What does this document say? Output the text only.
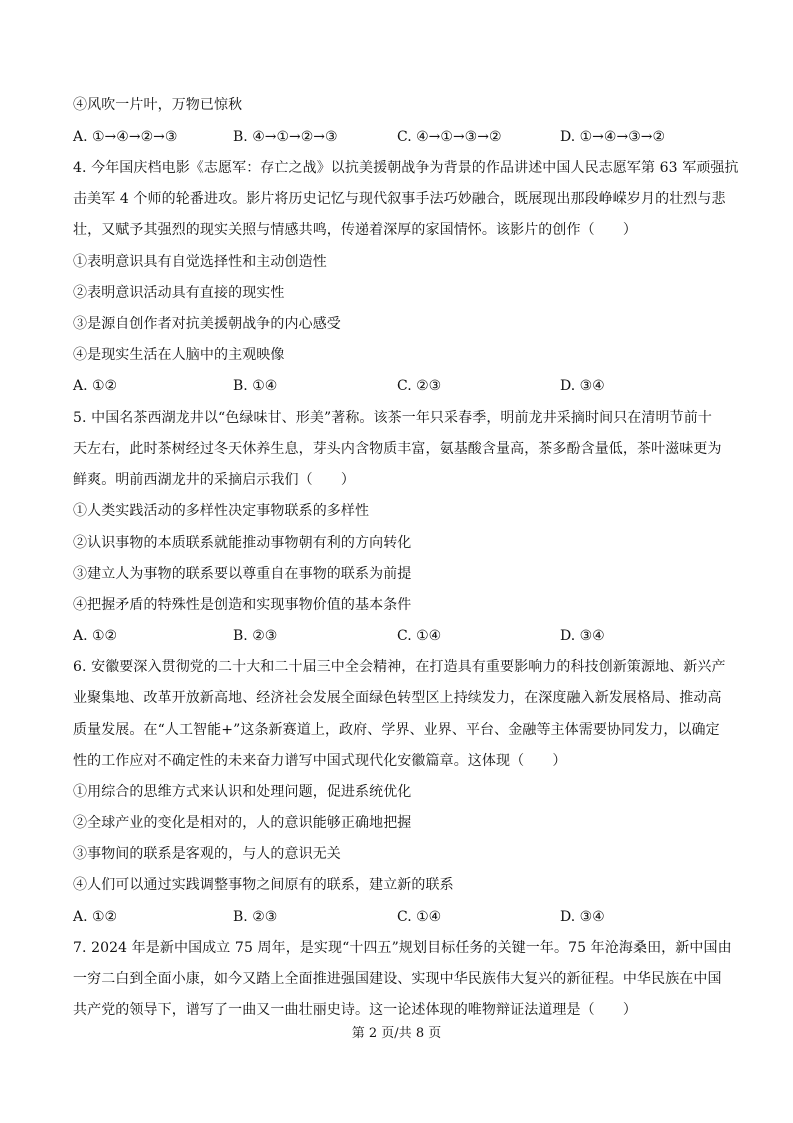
④风吹一片叶，万物已惊秋
A. ①→④→②→③	B. ④→①→②→③	C. ④→①→③→②	D. ①→④→③→②
4. 今年国庆档电影《志愿军：存亡之战》以抗美援朝战争为背景的作品讲述中国人民志愿军第 63 军顽强抗
击美军 4 个师的轮番进攻。影片将历史记忆与现代叙事手法巧妙融合，既展现出那段峥嵘岁月的壮烈与悲
壮，又赋予其强烈的现实关照与情感共鸣，传递着深厚的家国情怀。该影片的创作（　　）
①表明意识具有自觉选择性和主动创造性
②表明意识活动具有直接的现实性
③是源自创作者对抗美援朝战争的内心感受
④是现实生活在人脑中的主观映像
A. ①②	B. ①④	C. ②③	D. ③④
5. 中国名茶西湖龙井以“色绿味甘、形美”著称。该茶一年只采春季，明前龙井采摘时间只在清明节前十
天左右，此时茶树经过冬天休养生息，芽头内含物质丰富，氨基酸含量高，茶多酚含量低，茶叶滋味更为
鲜爽。明前西湖龙井的采摘启示我们（　　）
①人类实践活动的多样性决定事物联系的多样性
②认识事物的本质联系就能推动事物朝有利的方向转化
③建立人为事物的联系要以尊重自在事物的联系为前提
④把握矛盾的特殊性是创造和实现事物价值的基本条件
A. ①②	B. ②③	C. ①④	D. ③④
6. 安徽要深入贯彻党的二十大和二十届三中全会精神，在打造具有重要影响力的科技创新策源地、新兴产
业聚集地、改革开放新高地、经济社会发展全面绿色转型区上持续发力，在深度融入新发展格局、推动高
质量发展。在“人工智能+”这条新赛道上，政府、学界、业界、平台、金融等主体需要协同发力，以确定
性的工作应对不确定性的未来奋力谱写中国式现代化安徽篇章。这体现（　　）
①用综合的思维方式来认识和处理问题，促进系统优化
②全球产业的变化是相对的，人的意识能够正确地把握
③事物间的联系是客观的，与人的意识无关
④人们可以通过实践调整事物之间原有的联系，建立新的联系
A. ①②	B. ②③	C. ①④	D. ③④
7. 2024 年是新中国成立 75 周年，是实现“十四五”规划目标任务的关键一年。75 年沧海桑田，新中国由
一穷二白到全面小康，如今又踏上全面推进强国建设、实现中华民族伟大复兴的新征程。中华民族在中国
共产党的领导下，谱写了一曲又一曲壮丽史诗。这一论述体现的唯物辩证法道理是（　　）
第 2 页/共 8 页
